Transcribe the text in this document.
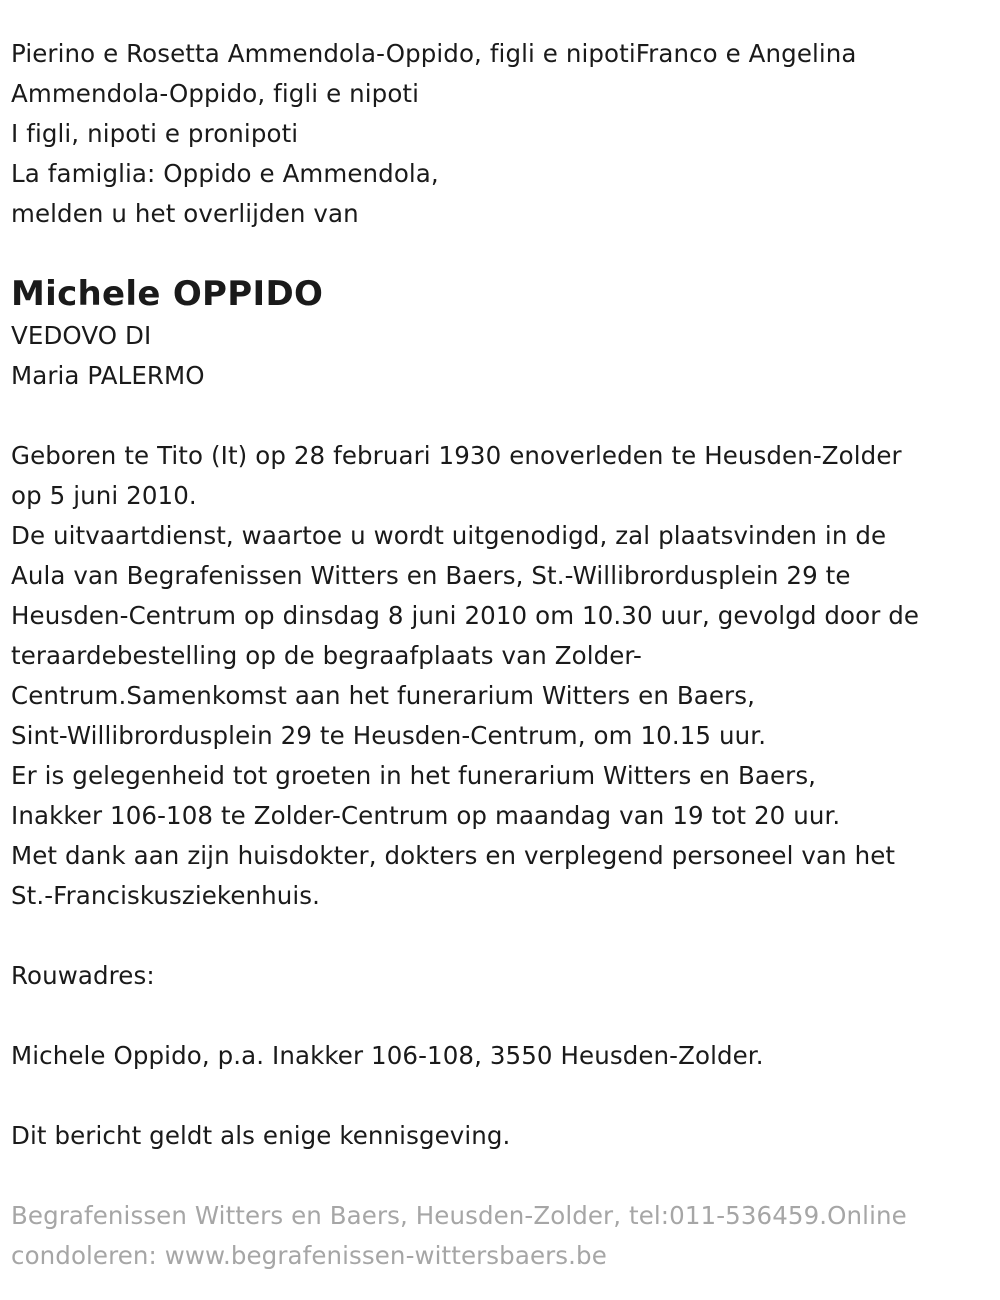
Pierino e Rosetta Ammendola-Oppido, figli e nipotiFranco e Angelina
Ammendola-Oppido, figli e nipoti
I figli, nipoti e pronipoti
La famiglia: Oppido e Ammendola,
melden u het overlijden van
Michele OPPIDO
VEDOVO DI
Maria PALERMO
Geboren te Tito (It) op 28 februari 1930 enoverleden te Heusden-Zolder
op 5 juni 2010.
De uitvaartdienst, waartoe u wordt uitgenodigd, zal plaatsvinden in de
Aula van Begrafenissen Witters en Baers, St.-Willibrordusplein 29 te
Heusden-Centrum op dinsdag 8 juni 2010 om 10.30 uur, gevolgd door de
teraardebestelling op de begraafplaats van Zolder-
Centrum.Samenkomst aan het funerarium Witters en Baers,
Sint-Willibrordusplein 29 te Heusden-Centrum, om 10.15 uur.
Er is gelegenheid tot groeten in het funerarium Witters en Baers,
Inakker 106-108 te Zolder-Centrum op maandag van 19 tot 20 uur.
Met dank aan zijn huisdokter, dokters en verplegend personeel van het
St.-Franciskusziekenhuis.
Rouwadres:
Michele Oppido, p.a. Inakker 106-108, 3550 Heusden-Zolder.
Dit bericht geldt als enige kennisgeving.
Begrafenissen Witters en Baers, Heusden-Zolder, tel:011-536459.Online
condoleren: www.begrafenissen-wittersbaers.be
